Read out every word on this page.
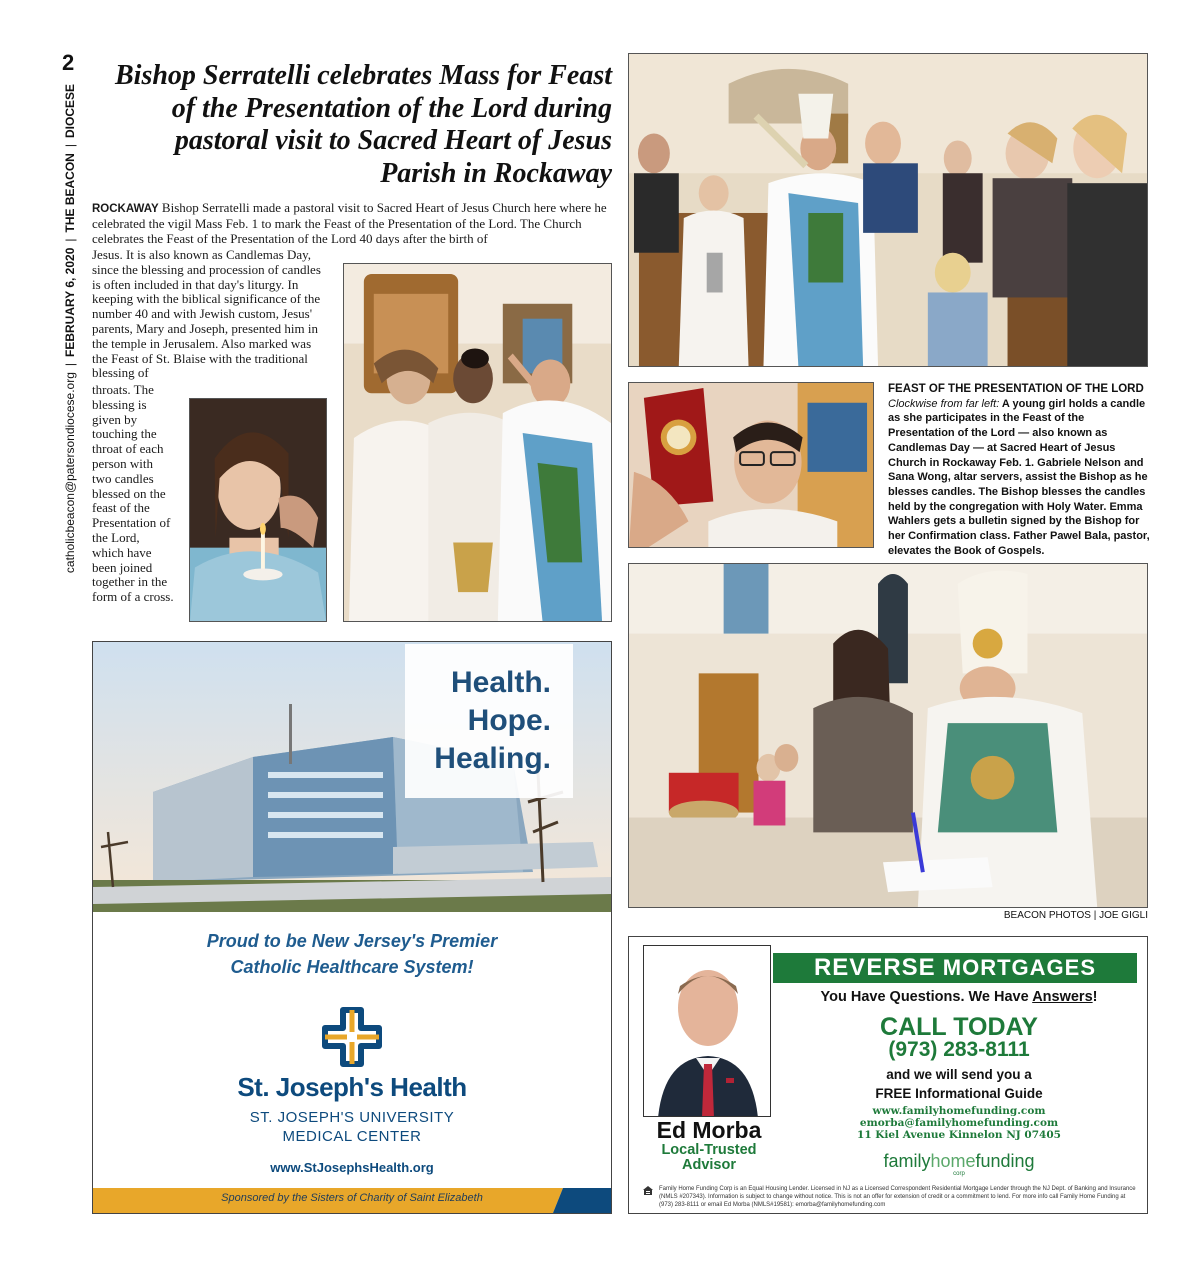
2
catholicbeacon@patersondiocese.org
|
FEBRUARY 6, 2020
|
THE BEACON
|
DIOCESE
Bishop Serratelli celebrates Mass for Feast of the Presentation of the Lord during pastoral visit to Sacred Heart of Jesus Parish in Rockaway
ROCKAWAY Bishop Serratelli made a pastoral visit to Sacred Heart of Jesus Church here where he celebrated the vigil Mass Feb. 1 to mark the Feast of the Presentation of the Lord. The Church celebrates the Feast of the Presentation of the Lord 40 days after the birth of
Jesus. It is also known as Candlemas Day, since the blessing and procession of candles is often included in that day's liturgy. In keeping with the biblical significance of the number 40 and with Jewish custom, Jesus' parents, Mary and Joseph, presented him in the temple in Jerusalem. Also marked was the Feast of St. Blaise with the traditional blessing of
throats. The blessing is given by touching the throat of each person with two candles blessed on the feast of the Presentation of the Lord, which have been joined together in the form of a cross.
FEAST OF THE PRESENTATION OF THE LORD Clockwise from far left: A young girl holds a candle as she participates in the Feast of the Presentation of the Lord — also known as Candlemas Day — at Sacred Heart of Jesus Church in Rockaway Feb. 1. Gabriele Nelson and Sana Wong, altar servers, assist the Bishop as he blesses candles. The Bishop blesses the candles held by the congregation with Holy Water. Emma Wahlers gets a bulletin signed by the Bishop for her Confirmation class. Father Pawel Bala, pastor, elevates the Book of Gospels.
BEACON PHOTOS | JOE GIGLI
Health.
Hope.
Healing.
Proud to be New Jersey's Premier
Catholic Healthcare System!
St. Joseph's Health
ST. JOSEPH'S UNIVERSITY
MEDICAL CENTER
www.StJosephsHealth.org
Sponsored by the Sisters of Charity of Saint Elizabeth
Ed Morba
Local-Trusted
Advisor
REVERSE MORTGAGES
You Have Questions. We Have Answers!
CALL TODAY
(973) 283-8111
and we will send you a
FREE Informational Guide
www.familyhomefunding.com
emorba@familyhomefunding.com
11 Kiel Avenue Kinnelon NJ 07405
familyhomefunding
corp
Family Home Funding Corp is an Equal Housing Lender. Licensed in NJ as a Licensed Correspondent Residential Mortgage Lender through the NJ Dept. of Banking and Insurance (NMLS #207343). Information is subject to change without notice. This is not an offer for extension of credit or a commitment to lend. For more info call Family Home Funding at (973) 283-8111 or email Ed Morba (NMLS#19581): emorba@familyhomefunding.com
